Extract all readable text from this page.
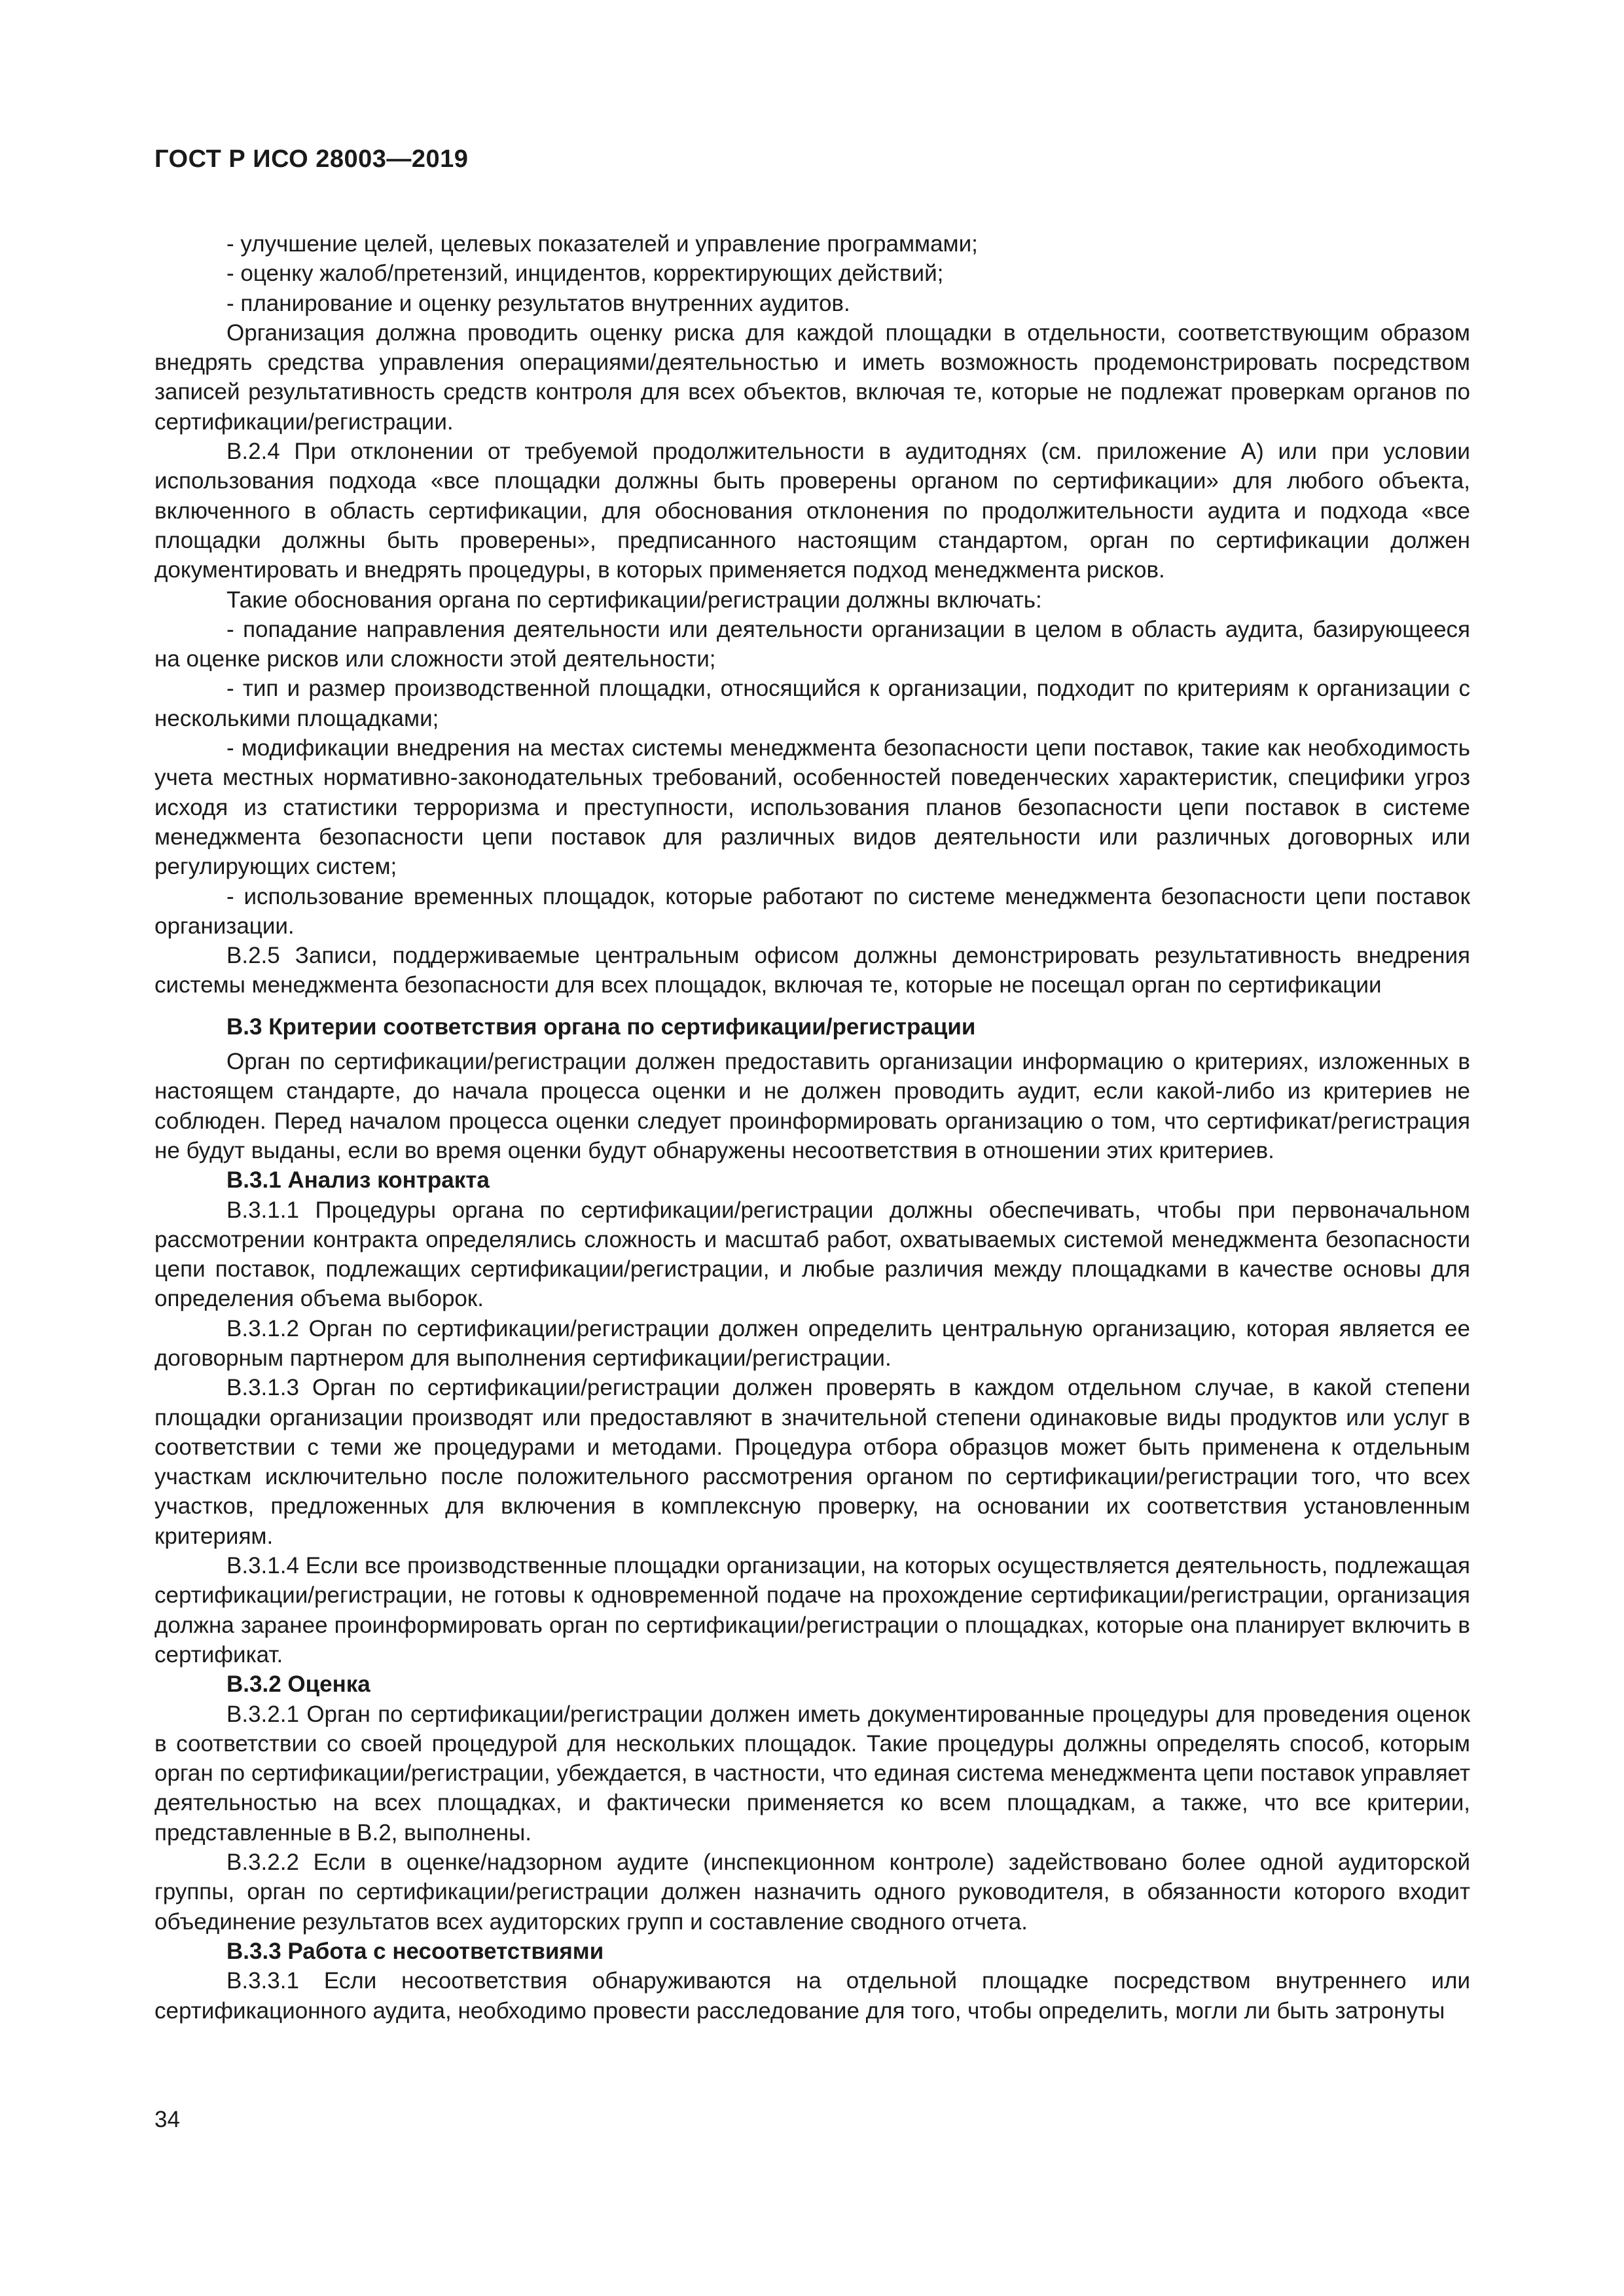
ГОСТ Р ИСО 28003—2019

- улучшение целей, целевых показателей и управление программами;

- оценку жалоб/претензий, инцидентов, корректирующих действий;

- планирование и оценку результатов внутренних аудитов.

Организация должна проводить оценку риска для каждой площадки в отдельности, соответствующим образом внедрять средства управления операциями/деятельностью и иметь возможность продемонстрировать посредством записей результативность средств контроля для всех объектов, включая те, которые не подлежат проверкам органов по сертификации/регистрации.

В.2.4 При отклонении от требуемой продолжительности в аудитоднях (см. приложение А) или при условии использования подхода «все площадки должны быть проверены органом по сертификации» для любого объекта, включенного в область сертификации, для обоснования отклонения по продолжительности аудита и подхода «все площадки должны быть проверены», предписанного настоящим стандартом, орган по сертификации должен документировать и внедрять процедуры, в которых применяется подход менеджмента рисков.

Такие обоснования органа по сертификации/регистрации должны включать:

- попадание направления деятельности или деятельности организации в целом в область аудита, базирующееся на оценке рисков или сложности этой деятельности;

- тип и размер производственной площадки, относящийся к организации, подходит по критериям к организации с несколькими площадками;

- модификации внедрения на местах системы менеджмента безопасности цепи поставок, такие как необходимость учета местных нормативно-законодательных требований, особенностей поведенческих характеристик, специфики угроз исходя из статистики терроризма и преступности, использования планов безопасности цепи поставок в системе менеджмента безопасности цепи поставок для различных видов деятельности или различных договорных или регулирующих систем;

- использование временных площадок, которые работают по системе менеджмента безопасности цепи поставок организации.

В.2.5 Записи, поддерживаемые центральным офисом должны демонстрировать результативность внедрения системы менеджмента безопасности для всех площадок, включая те, которые не посещал орган по сертификации

В.3 Критерии соответствия органа по сертификации/регистрации

Орган по сертификации/регистрации должен предоставить организации информацию о критериях, изложенных в настоящем стандарте, до начала процесса оценки и не должен проводить аудит, если какой-либо из критериев не соблюден. Перед началом процесса оценки следует проинформировать организацию о том, что сертификат/регистрация не будут выданы, если во время оценки будут обнаружены несоответствия в отношении этих критериев.

В.3.1 Анализ контракта

В.3.1.1 Процедуры органа по сертификации/регистрации должны обеспечивать, чтобы при первоначальном рассмотрении контракта определялись сложность и масштаб работ, охватываемых системой менеджмента безопасности цепи поставок, подлежащих сертификации/регистрации, и любые различия между площадками в качестве основы для определения объема выборок.

В.3.1.2 Орган по сертификации/регистрации должен определить центральную организацию, которая является ее договорным партнером для выполнения сертификации/регистрации.

В.3.1.3 Орган по сертификации/регистрации должен проверять в каждом отдельном случае, в какой степени площадки организации производят или предоставляют в значительной степени одинаковые виды продуктов или услуг в соответствии с теми же процедурами и методами. Процедура отбора образцов может быть применена к отдельным участкам исключительно после положительного рассмотрения органом по сертификации/регистрации того, что всех участков, предложенных для включения в комплексную проверку, на основании их соответствия установленным критериям.

В.3.1.4 Если все производственные площадки организации, на которых осуществляется деятельность, подлежащая сертификации/регистрации, не готовы к одновременной подаче на прохождение сертификации/регистрации, организация должна заранее проинформировать орган по сертификации/регистрации о площадках, которые она планирует включить в сертификат.

В.3.2 Оценка

В.3.2.1 Орган по сертификации/регистрации должен иметь документированные процедуры для проведения оценок в соответствии со своей процедурой для нескольких площадок. Такие процедуры должны определять способ, которым орган по сертификации/регистрации, убеждается, в частности, что единая система менеджмента цепи поставок управляет деятельностью на всех площадках, и фактически применяется ко всем площадкам, а также, что все критерии, представленные в В.2, выполнены.

В.3.2.2 Если в оценке/надзорном аудите (инспекционном контроле) задействовано более одной аудиторской группы, орган по сертификации/регистрации должен назначить одного руководителя, в обязанности которого входит объединение результатов всех аудиторских групп и составление сводного отчета.

В.3.3 Работа с несоответствиями

В.3.3.1 Если несоответствия обнаруживаются на отдельной площадке посредством внутреннего или сертификационного аудита, необходимо провести расследование для того, чтобы определить, могли ли быть затронуты

34
